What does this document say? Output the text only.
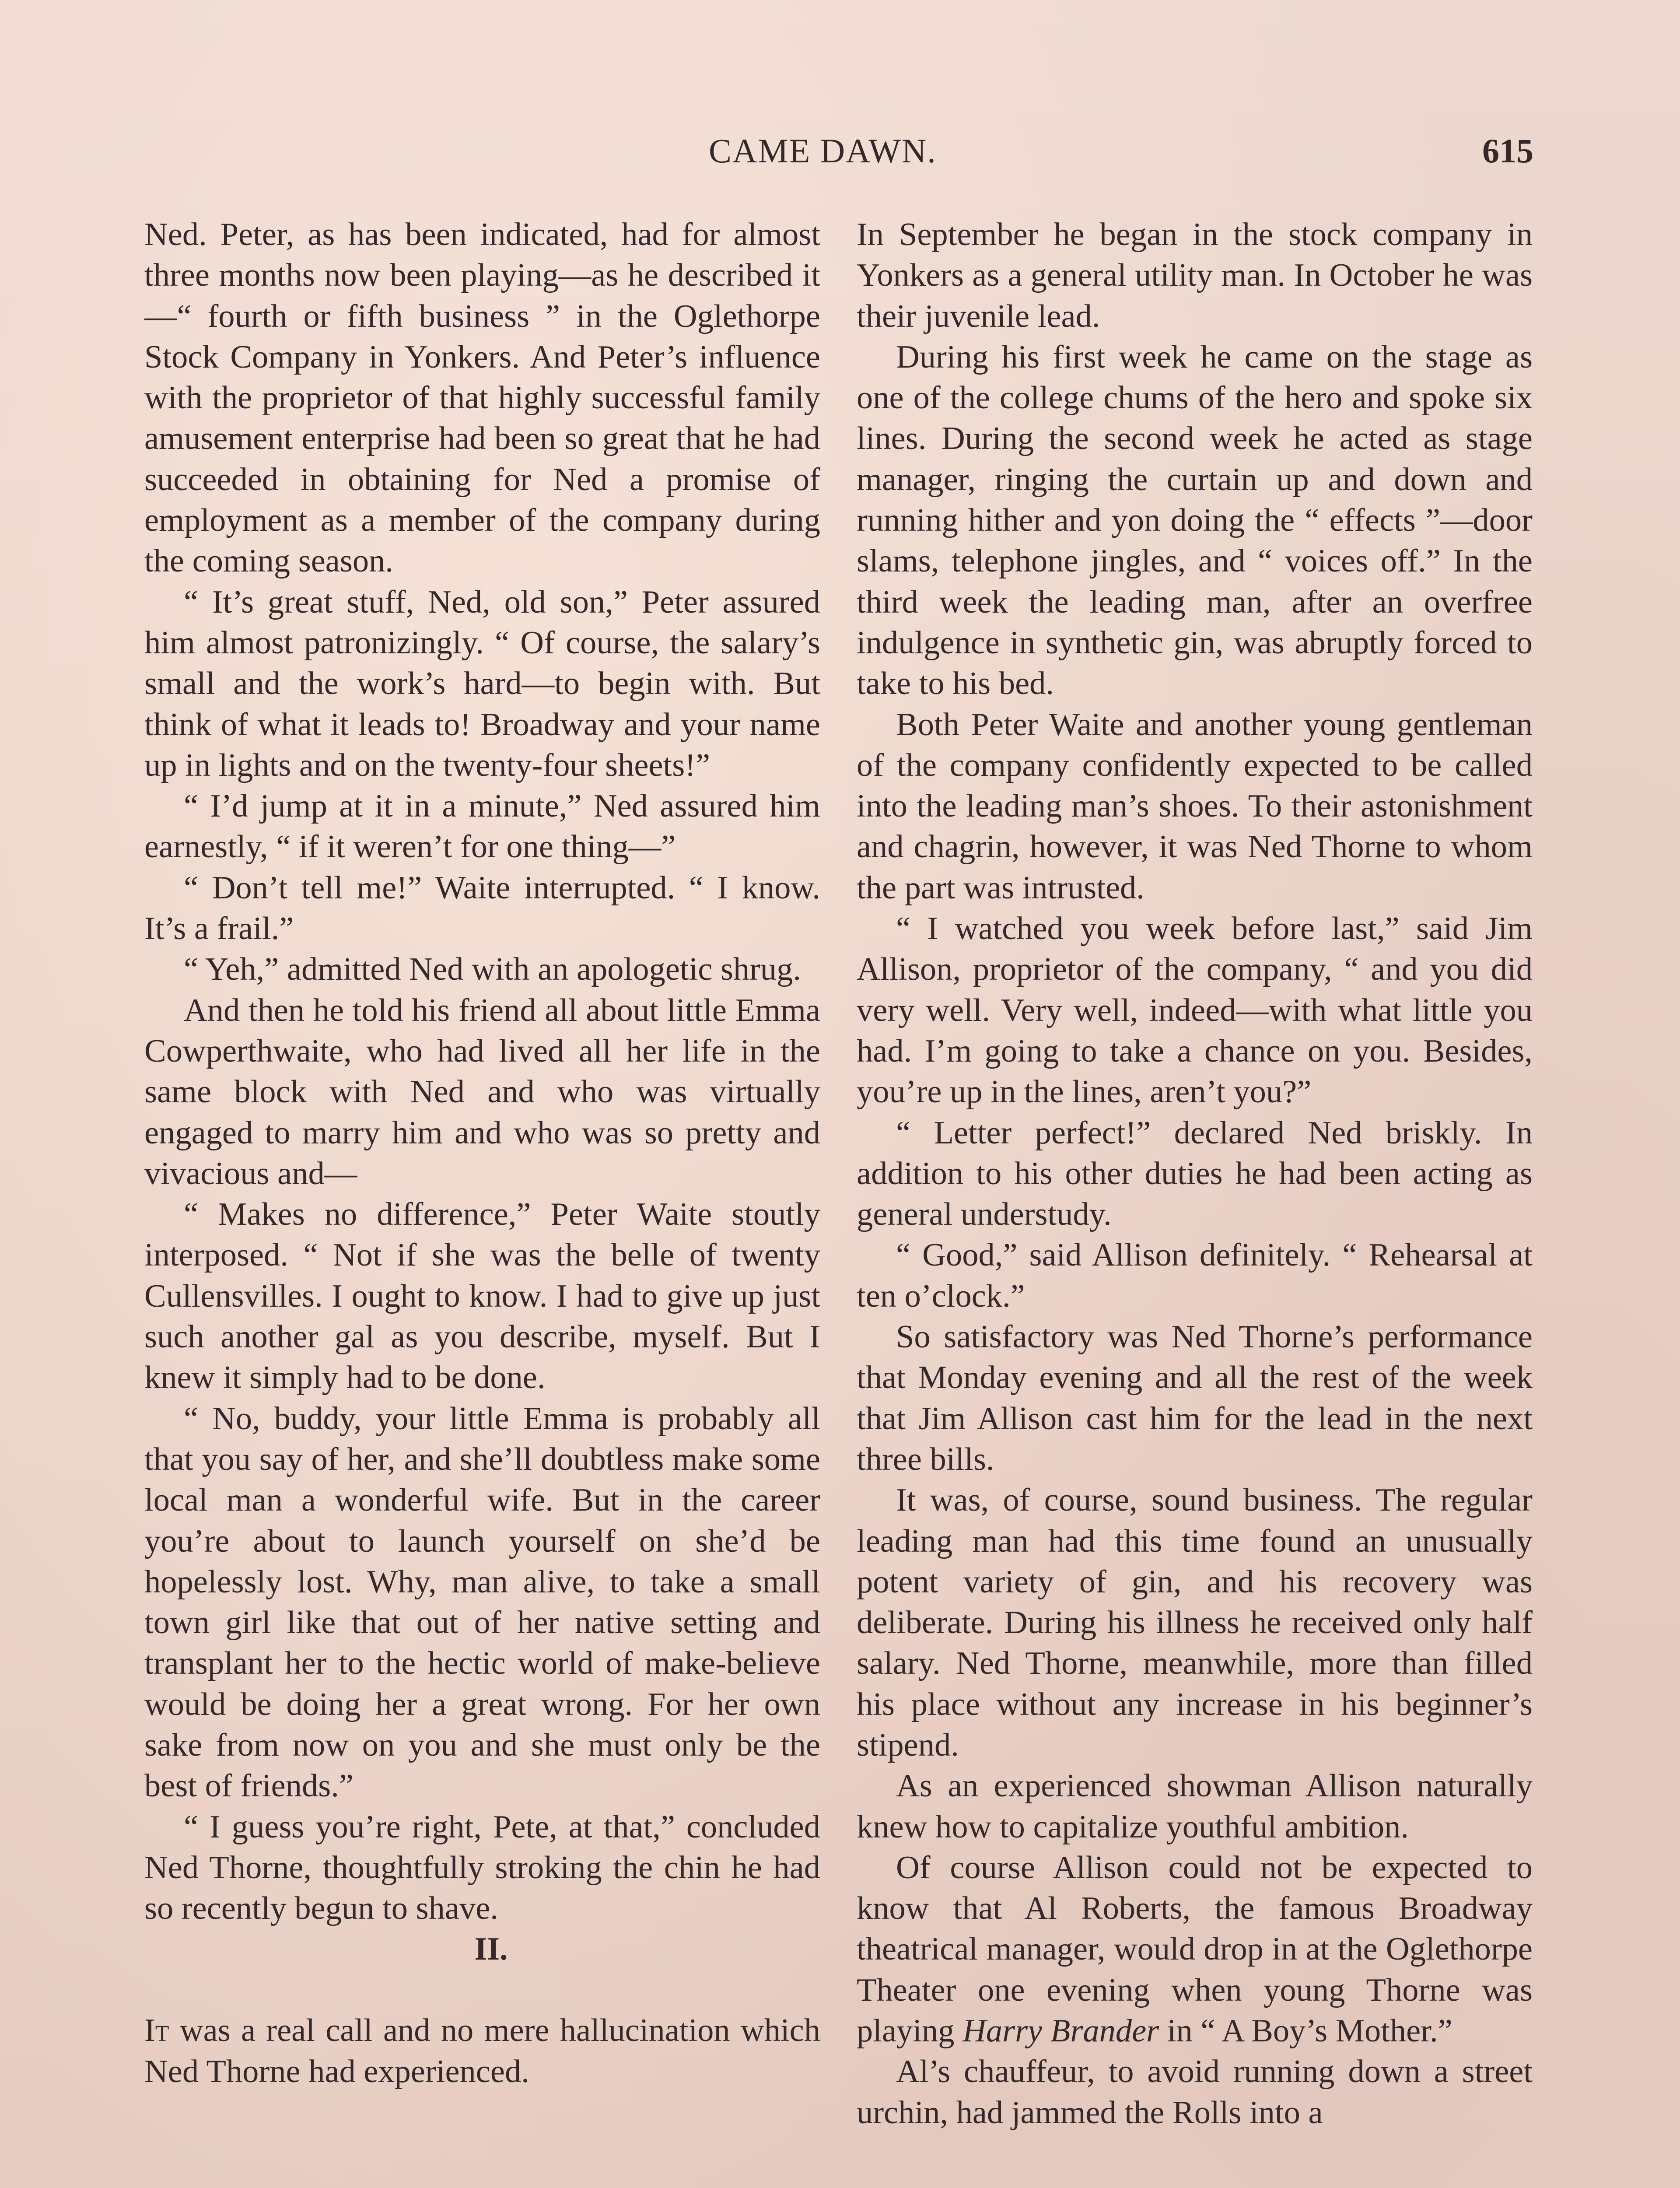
CAME DAWN.	615

Ned. Peter, as has been indicated, had for almost three months now been playing—as he described it—“ fourth or fifth business ” in the Oglethorpe Stock Company in Yonkers. And Peter’s influence with the proprietor of that highly successful family amusement enterprise had been so great that he had succeeded in obtaining for Ned a promise of employment as a member of the company during the coming season.

“ It’s great stuff, Ned, old son,” Peter assured him almost patronizingly. “ Of course, the salary’s small and the work’s hard—to begin with. But think of what it leads to! Broadway and your name up in lights and on the twenty-four sheets!”

“ I’d jump at it in a minute,” Ned assured him earnestly, “ if it weren’t for one thing—”

“ Don’t tell me!” Waite interrupted. “ I know. It’s a frail.”

“ Yeh,” admitted Ned with an apologetic shrug.

And then he told his friend all about little Emma Cowperthwaite, who had lived all her life in the same block with Ned and who was virtually engaged to marry him and who was so pretty and vivacious and—

“ Makes no difference,” Peter Waite stoutly interposed. “ Not if she was the belle of twenty Cullensvilles. I ought to know. I had to give up just such another gal as you describe, myself. But I knew it simply had to be done.

“ No, buddy, your little Emma is probably all that you say of her, and she’ll doubtless make some local man a wonderful wife. But in the career you’re about to launch yourself on she’d be hopelessly lost. Why, man alive, to take a small town girl like that out of her native setting and transplant her to the hectic world of make-believe would be doing her a great wrong. For her own sake from now on you and she must only be the best of friends.”

“ I guess you’re right, Pete, at that,” concluded Ned Thorne, thoughtfully stroking the chin he had so recently begun to shave.

II.

It was a real call and no mere hallucination which Ned Thorne had experienced.

In September he began in the stock company in Yonkers as a general utility man. In October he was their juvenile lead.

During his first week he came on the stage as one of the college chums of the hero and spoke six lines. During the second week he acted as stage manager, ringing the curtain up and down and running hither and yon doing the “ effects ”—door slams, telephone jingles, and “ voices off.” In the third week the leading man, after an overfree indulgence in synthetic gin, was abruptly forced to take to his bed.

Both Peter Waite and another young gentleman of the company confidently expected to be called into the leading man’s shoes. To their astonishment and chagrin, however, it was Ned Thorne to whom the part was intrusted.

“ I watched you week before last,” said Jim Allison, proprietor of the company, “ and you did very well. Very well, indeed—with what little you had. I’m going to take a chance on you. Besides, you’re up in the lines, aren’t you?”

“ Letter perfect!” declared Ned briskly. In addition to his other duties he had been acting as general understudy.

“ Good,” said Allison definitely. “ Rehearsal at ten o’clock.”

So satisfactory was Ned Thorne’s performance that Monday evening and all the rest of the week that Jim Allison cast him for the lead in the next three bills.

It was, of course, sound business. The regular leading man had this time found an unusually potent variety of gin, and his recovery was deliberate. During his illness he received only half salary. Ned Thorne, meanwhile, more than filled his place without any increase in his beginner’s stipend.

As an experienced showman Allison naturally knew how to capitalize youthful ambition.

Of course Allison could not be expected to know that Al Roberts, the famous Broadway theatrical manager, would drop in at the Oglethorpe Theater one evening when young Thorne was playing Harry Brander in “ A Boy’s Mother.”

Al’s chauffeur, to avoid running down a street urchin, had jammed the Rolls into a
